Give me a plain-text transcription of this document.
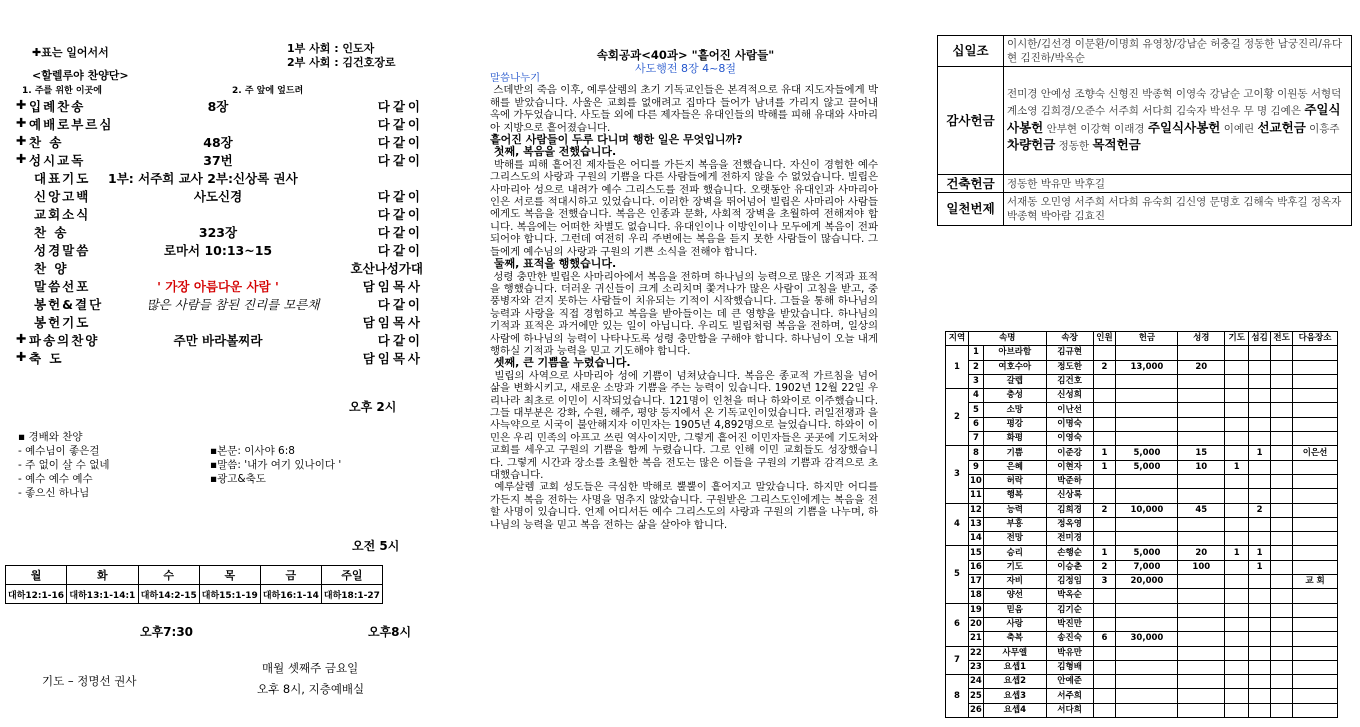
✚표는 일어서서	1부 사회 : 인도자
2부 사회 : 김건호장로
<할렐루야 찬양단>
1. 주를 위한 이곳에	2. 주 앞에 엎드려
✚ 입례찬송	8장	다같이
✚ 예배로부르심	다같이
✚ 찬 송	48장	다같이
✚ 성시교독	37번	다같이
대표기도 1부: 서주희 교사 2부:신상록 권사
신앙고백	사도신경	다같이
교회소식	다같이
찬 송	323장	다같이
성경말씀	로마서 10:13~15	다같이
찬 양	호산나성가대
말씀선포	' 가장 아름다운 사람 '	담임목사
봉헌&결단	많은 사람들 참된 진리를 모른채	다같이
봉헌기도	담임목사
✚ 파송의찬양	주만 바라볼찌라	다같이
✚ 축 도	담임목사
오후 2시
▪ 경배와 찬양
- 예수님이 좋은걸
- 주 없이 살 수 없네
- 예수 예수 예수
- 좋으신 하나님
▪본문: 이사야 6:8
▪말씀: '내가 여기 있나이다 '
▪광고&축도
오전 5시
월	화	수	목	금	주일
대하12:1-16	대하13:1-14:1	대하14:2-15	대하15:1-19	대하16:1-14	대하18:1-27
오후7:30	오후8시
기도 – 정명선 권사
매월 셋째주 금요일
오후 8시, 지층예배실
속회공과<40과> "흩어진 사람들"
사도행전 8장 4~8절

말씀나누기

스데반의 죽음 이후, 예루살렘의 초기 기독교인들은 본격적으로 유대 지도자들에게 박해를 받았습니다. 사울은 교회를 없애려고 집마다 들어가 남녀를 가리지 않고 끌어내 옥에 가두었습니다. 사도들 외에 다른 제자들은 유대인들의 박해를 피해 유대와 사마리아 지방으로 흩어졌습니다.

흩어진 사람들이 두루 다니며 행한 일은 무엇입니까?

첫째, 복음을 전했습니다.

박해를 피해 흩어진 제자들은 어디를 가든지 복음을 전했습니다. 자신이 경험한 예수 그리스도의 사랑과 구원의 기쁨을 다른 사람들에게 전하지 않을 수 없었습니다. 빌립은 사마리아 성으로 내려가 예수 그리스도를 전파 했습니다. 오랫동안 유대인과 사마리아인은 서로를 적대시하고 있었습니다. 이러한 장벽을 뛰어넘어 빌립은 사마리아 사람들에게도 복음을 전했습니다. 복음은 인종과 문화, 사회적 장벽을 초월하여 전해져야 합니다. 복음에는 어떠한 차별도 없습니다. 유대인이나 이방인이나 모두에게 복음이 전파되어야 합니다. 그런데 여전히 우리 주변에는 복음을 듣지 못한 사람들이 많습니다. 그들에게 예수님의 사랑과 구원의 기쁜 소식을 전해야 합니다.

둘째, 표적을 행했습니다.

성령 충만한 빌립은 사마리아에서 복음을 전하며 하나님의 능력으로 많은 기적과 표적을 행했습니다. 더러운 귀신들이 크게 소리치며 쫓겨나가 많은 사람이 고침을 받고, 중풍병자와 걷지 못하는 사람들이 치유되는 기적이 시작했습니다. 그들을 통해 하나님의 능력과 사랑을 직접 경험하고 복음을 받아들이는 데 큰 영향을 받았습니다. 하나님의 기적과 표적은 과거에만 있는 일이 아닙니다. 우리도 빌립처럼 복음을 전하며, 일상의 사람에 하나님의 능력이 나타나도록 성령 충만함을 구해야 합니다. 하나님이 오늘 내게 행하실 기적과 능력을 믿고 기도해야 합니다.

셋째, 큰 기쁨을 누렸습니다.

빌립의 사역으로 사마리아 성에 기쁨이 넘쳐났습니다. 복음은 종교적 가르침을 넘어 삶을 변화시키고, 새로운 소망과 기쁨을 주는 능력이 있습니다. 1902년 12월 22일 우리나라 최초로 이민이 시작되었습니다. 121명이 인천을 떠나 하와이로 이주했습니다. 그들 대부분은 강화, 수원, 해주, 평양 등지에서 온 기독교인이었습니다. 러일전쟁과 을사늑약으로 시국이 불안해지자 이민자는 1905년 4,892명으로 늘었습니다. 하와이 이민은 우리 민족의 아프고 쓰린 역사이지만, 그렇게 흩어진 이민자들은 곳곳에 기도처와 교회를 세우고 구원의 기쁨을 함께 누렸습니다. 그로 인해 이민 교회들도 성장했습니다. 그렇게 시간과 장소를 초월한 복음 전도는 많은 이들을 구원의 기쁨과 감격으로 초대했습니다.

예루살렘 교회 성도들은 극심한 박해로 뿔뿔이 흩어지고 말았습니다. 하지만 어디를 가든지 복음 전하는 사명을 멈추지 않았습니다. 구원받은 그리스도인에게는 복음을 전할 사명이 있습니다. 언제 어디서든 예수 그리스도의 사랑과 구원의 기쁨을 나누며, 하나님의 능력을 믿고 복음 전하는 삶을 살아야 합니다.

십일조	이시한/김선경 이문환/이명희 유영창/강남순 허충길 정동한 남궁진리/유다현 김진하/박옥순
감사헌금	전미경 안예성 조향숙 신형진 박종혁 이영숙 강남순 고이황 이원동 서형덕 계소영 김희경/오준수 서주희 서다희 김숙자 박선우 무 명 김예은 주일식사봉헌 안부현 이강혁 이래경 주일식사봉헌 이예린 선교헌금 이흥주 차량헌금 정동한 목적헌금
건축헌금	정동한 박유만 박후길
일천번제	서재동 오민영 서주희 서다희 유숙희 김신영 문명호 김해숙 박후길 정옥자 박종혁 박아람 김효진
지역	속명		속장	인원	헌금	성경	기도	섬김	전도	다음장소
1	1	아브라함	김규현							
	2	여호수아	정도한	2	13,000	20				
	3	갈렙	김건호							
2	4	충성	신성희							
	5	소망	이난선							
	6	평강	이명숙							
	7	화평	이영숙							
3	8	기쁨	이준강	1	5,000	15		1		이은선
	9	은혜	이현자	1	5,000	10	1			
	10	허락	박준하							
	11	행복	신상록							
4	12	능력	김희경	2	10,000	45		2		
	13	부흥	정옥영							
	14	전망	전미경							
5	15	승리	손행순	1	5,000	20	1	1		
	16	기도	이승춘	2	7,000	100		1		
	17	자비	김정임	3	20,000					교 회
	18	양선	박옥순							
6	19	믿음	김기순							
	20	사랑	박진만							
	21	축복	송진숙	6	30,000					
7	22	사무엘	박유만							
	23	요셉1	김형배							
8	24	요셉2	안예준							
	25	요셉3	서주희							
	26	요셉4	서다희							
